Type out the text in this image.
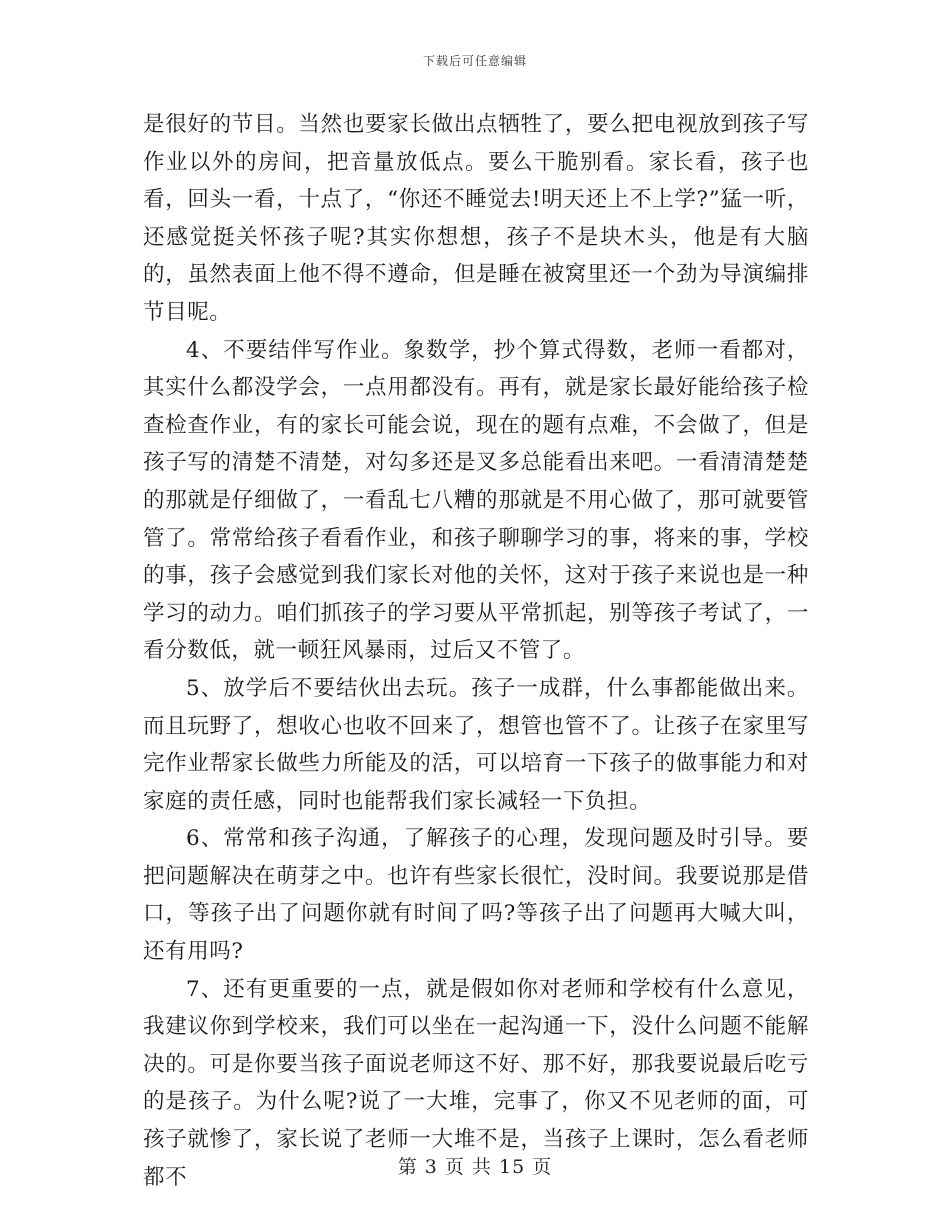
下载后可任意编辑

是很好的节目。当然也要家长做出点牺牲了，要么把电视放到孩子写作业以外的房间，把音量放低点。要么干脆别看。家长看，孩子也看，回头一看，十点了，“你还不睡觉去!明天还上不上学?”猛一听，还感觉挺关怀孩子呢?其实你想想，孩子不是块木头，他是有大脑的，虽然表面上他不得不遵命，但是睡在被窝里还一个劲为导演编排节目呢。

4、不要结伴写作业。象数学，抄个算式得数，老师一看都对，其实什么都没学会，一点用都没有。再有，就是家长最好能给孩子检查检查作业，有的家长可能会说，现在的题有点难，不会做了，但是孩子写的清楚不清楚，对勾多还是叉多总能看出来吧。一看清清楚楚的那就是仔细做了，一看乱七八糟的那就是不用心做了，那可就要管管了。常常给孩子看看作业，和孩子聊聊学习的事，将来的事，学校的事，孩子会感觉到我们家长对他的关怀，这对于孩子来说也是一种学习的动力。咱们抓孩子的学习要从平常抓起，别等孩子考试了，一看分数低，就一顿狂风暴雨，过后又不管了。

5、放学后不要结伙出去玩。孩子一成群，什么事都能做出来。而且玩野了，想收心也收不回来了，想管也管不了。让孩子在家里写完作业帮家长做些力所能及的活，可以培育一下孩子的做事能力和对家庭的责任感，同时也能帮我们家长减轻一下负担。

6、常常和孩子沟通，了解孩子的心理，发现问题及时引导。要把问题解决在萌芽之中。也许有些家长很忙，没时间。我要说那是借口，等孩子出了问题你就有时间了吗?等孩子出了问题再大喊大叫，还有用吗?

7、还有更重要的一点，就是假如你对老师和学校有什么意见，我建议你到学校来，我们可以坐在一起沟通一下，没什么问题不能解决的。可是你要当孩子面说老师这不好、那不好，那我要说最后吃亏的是孩子。为什么呢?说了一大堆，完事了，你又不见老师的面，可孩子就惨了，家长说了老师一大堆不是，当孩子上课时，怎么看老师都不	第 3 页 共 15 页
